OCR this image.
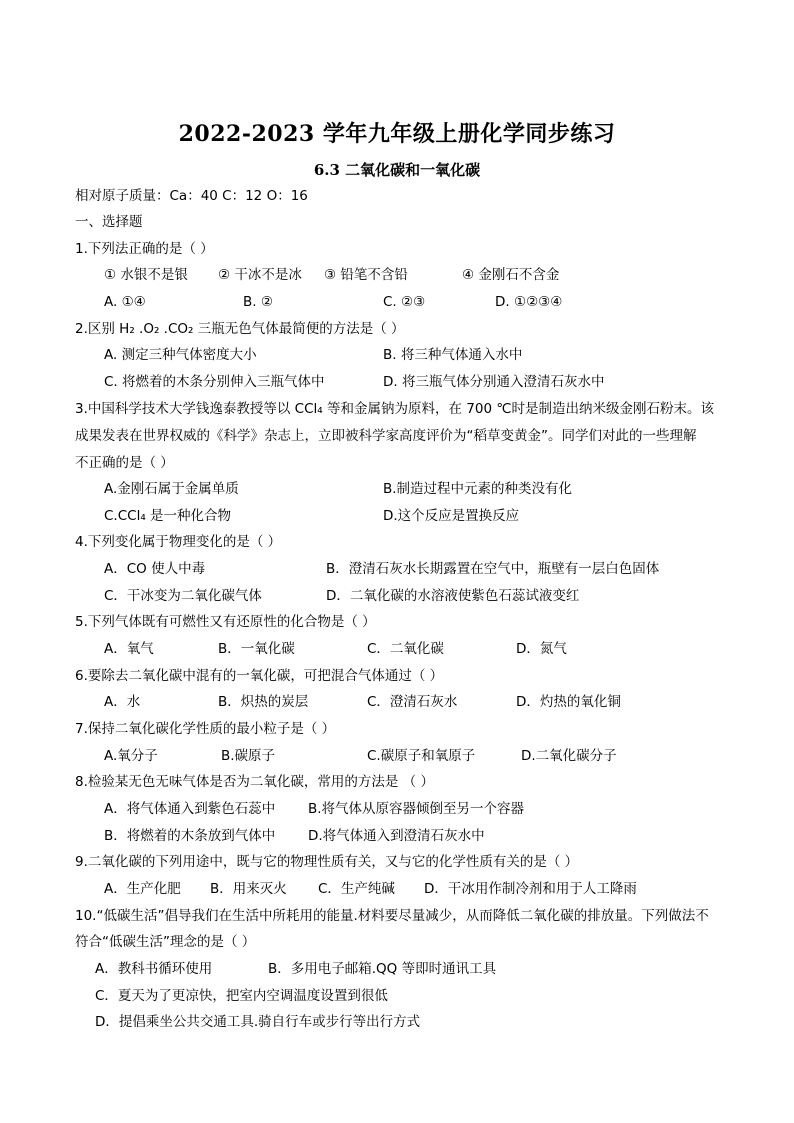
2022-2023 学年九年级上册化学同步练习
6.3 二氧化碳和一氧化碳
相对原子质量：Ca：40 C：12 O：16
一、选择题
1.下列法正确的是（ ）
① 水银不是银 ② 干冰不是冰 ③ 铅笔不含铅	④ 金刚石不含金
A. ①④	B. ②	C. ②③	D. ①②③④
2.区别 H₂ .O₂ .CO₂ 三瓶无色气体最简便的方法是（ ）
A. 测定三种气体密度大小	B. 将三种气体通入水中
C. 将燃着的木条分别伸入三瓶气体中	D. 将三瓶气体分别通入澄清石灰水中
3.中国科学技术大学钱逸泰教授等以 CCl₄ 等和金属钠为原料，在 700 ℃时是制造出纳米级金刚石粉末。该
成果发表在世界权威的《科学》杂志上，立即被科学家高度评价为“稻草变黄金”。同学们对此的一些理解
不正确的是（ ）
A.金刚石属于金属单质	B.制造过程中元素的种类没有化
C.CCl₄ 是一种化合物	D.这个反应是置换反应
4.下列变化属于物理变化的是（ ）
A．CO 使人中毒	B．澄清石灰水长期露置在空气中，瓶壁有一层白色固体
C．干冰变为二氧化碳气体	D．二氧化碳的水溶液使紫色石蕊试液变红
5.下列气体既有可燃性又有还原性的化合物是（ ）
A．氧气	B．一氧化碳	C．二氧化碳	D．氮气
6.要除去二氧化碳中混有的一氧化碳，可把混合气体通过（ ）
A．水	B．炽热的炭层	C．澄清石灰水	D．灼热的氧化铜
7.保持二氧化碳化学性质的最小粒子是（ ）
A.氧分子	B.碳原子	C.碳原子和氧原子	D.二氧化碳分子
8.检验某无色无味气体是否为二氧化碳，常用的方法是 （ ）
A．将气体通入到紫色石蕊中 B.将气体从原容器倾倒至另一个容器
B．将燃着的木条放到气体中 D.将气体通入到澄清石灰水中
9.二氧化碳的下列用途中，既与它的物理性质有关，又与它的化学性质有关的是（ ）
A．生产化肥 B．用来灭火 C．生产纯碱 D．干冰用作制冷剂和用于人工降雨
10.“低碳生活”倡导我们在生活中所耗用的能量.材料要尽量减少，从而降低二氧化碳的排放量。下列做法不
符合“低碳生活”理念的是（ ）
A．教科书循环使用	B．多用电子邮箱.QQ 等即时通讯工具
C．夏天为了更凉快，把室内空调温度设置到很低
D．提倡乘坐公共交通工具.骑自行车或步行等出行方式
